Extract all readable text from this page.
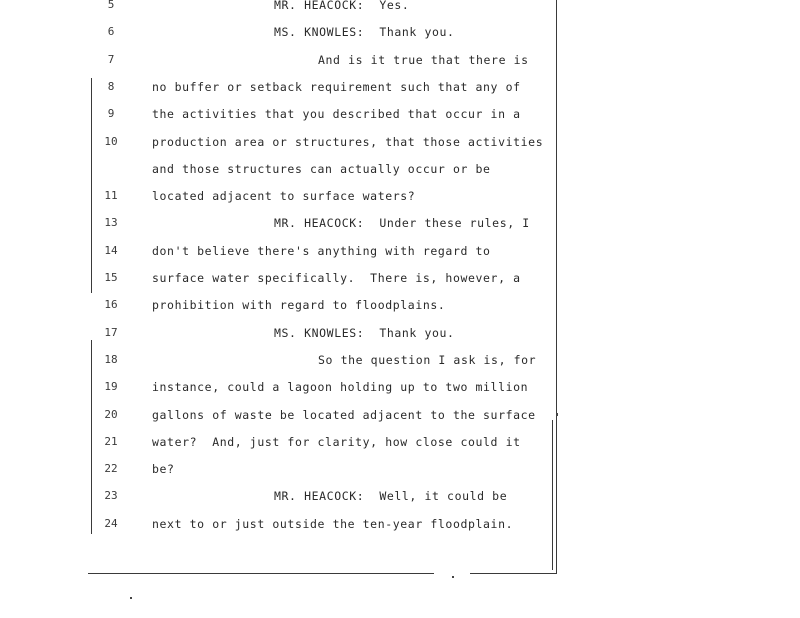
5	MR. HEACOCK:  Yes.
6	MS. KNOWLES:  Thank you.
7	And is it true that there is
8	no buffer or setback requirement such that any of
9	the activities that you described that occur in a
10	production area or structures, that those activities
and those structures can actually occur or be
11	located adjacent to surface waters?
13	MR. HEACOCK:  Under these rules, I
14	don't believe there's anything with regard to
15	surface water specifically.  There is, however, a
16	prohibition with regard to floodplains.
17	MS. KNOWLES:  Thank you.
18	So the question I ask is, for
19	instance, could a lagoon holding up to two million
20	gallons of waste be located adjacent to the surface
21	water?  And, just for clarity, how close could it
22	be?
23	MR. HEACOCK:  Well, it could be
24	next to or just outside the ten-year floodplain.
